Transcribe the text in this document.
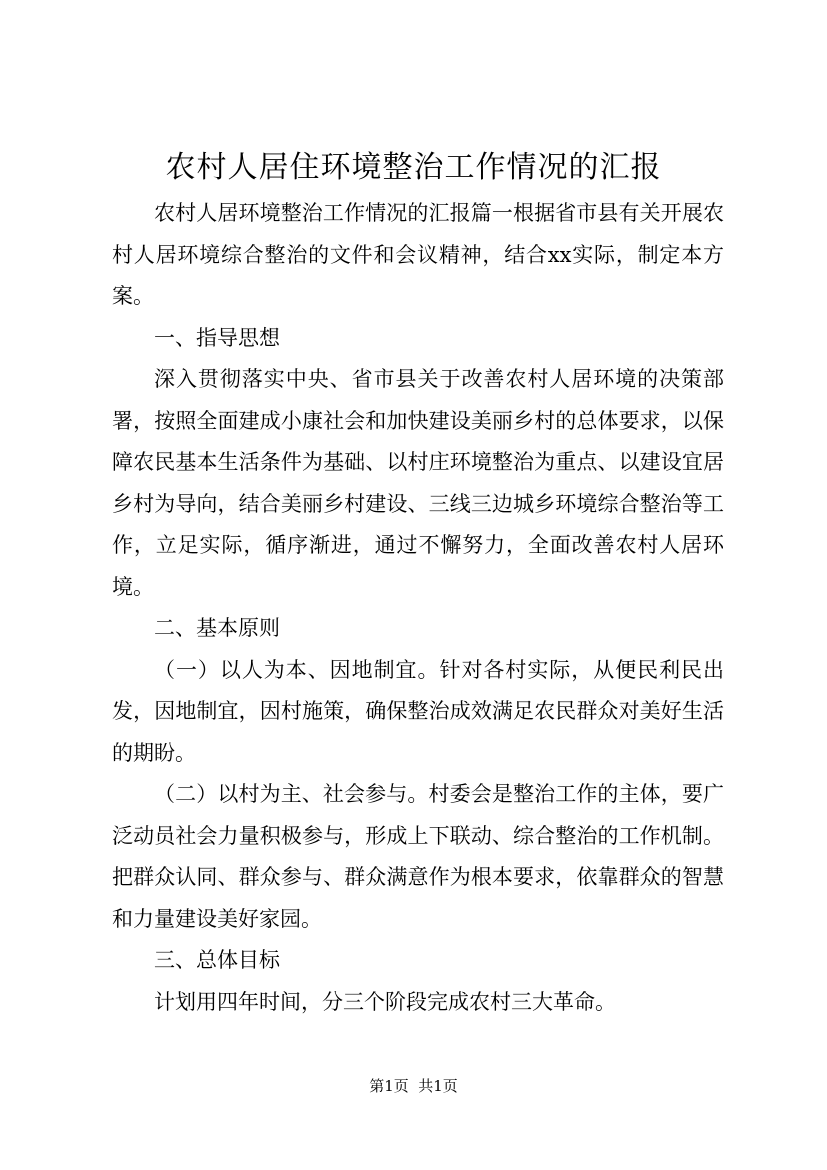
农村人居住环境整治工作情况的汇报

农村人居环境整治工作情况的汇报篇一根据省市县有关开展农村人居环境综合整治的文件和会议精神，结合xx实际，制定本方案。

一、指导思想

深入贯彻落实中央、省市县关于改善农村人居环境的决策部署，按照全面建成小康社会和加快建设美丽乡村的总体要求，以保障农民基本生活条件为基础、以村庄环境整治为重点、以建设宜居乡村为导向，结合美丽乡村建设、三线三边城乡环境综合整治等工作，立足实际，循序渐进，通过不懈努力，全面改善农村人居环境。

二、基本原则

（一）以人为本、因地制宜。针对各村实际，从便民利民出发，因地制宜，因村施策，确保整治成效满足农民群众对美好生活的期盼。

（二）以村为主、社会参与。村委会是整治工作的主体，要广泛动员社会力量积极参与，形成上下联动、综合整治的工作机制。把群众认同、群众参与、群众满意作为根本要求，依靠群众的智慧和力量建设美好家园。

三、总体目标

计划用四年时间，分三个阶段完成农村三大革命。

第1页  共1页
